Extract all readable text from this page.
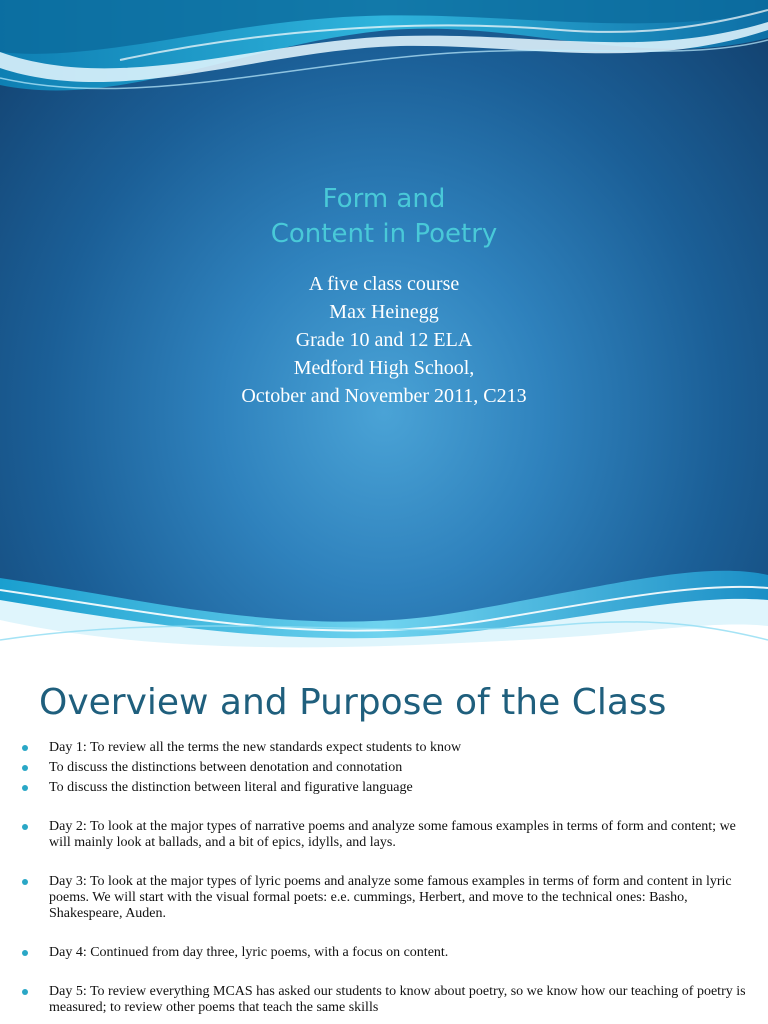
Form and
Content in Poetry
A five class course
Max Heinegg
Grade 10 and 12 ELA
Medford High School,
October and November 2011, C213
Overview and Purpose of the Class
Day 1: To review all the terms the new standards expect students to know
To discuss the distinctions between denotation and connotation
To discuss the distinction between literal and figurative language
Day 2: To look at the major types of narrative poems and analyze some famous examples in terms of form and content; we will mainly look at ballads, and a bit of epics, idylls, and lays.
Day 3: To look at the major types of lyric poems and analyze some famous examples in terms of form and content in lyric poems. We will start with the visual formal poets: e.e. cummings, Herbert, and move to the technical ones: Basho, Shakespeare, Auden.
Day 4: Continued from day three, lyric poems, with a focus on content.
Day 5: To review everything MCAS has asked our students to know about poetry, so we know how our teaching of poetry is measured; to review other poems that teach the same skills
